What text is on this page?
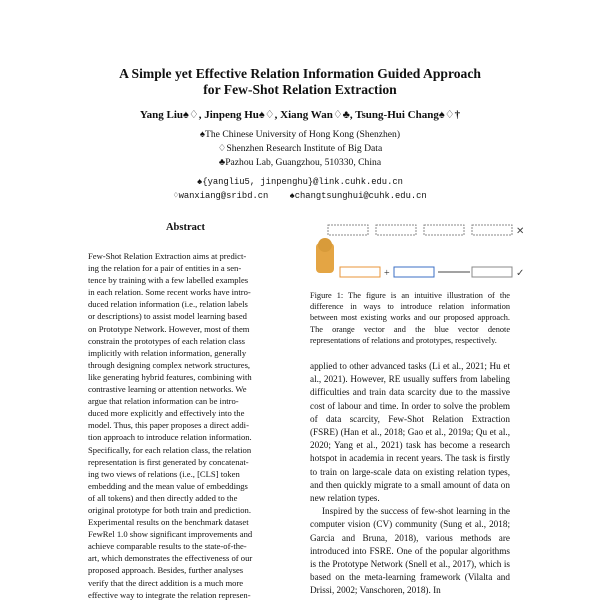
A Simple yet Effective Relation Information Guided Approach
for Few-Shot Relation Extraction
Yang Liu♠♢, Jinpeng Hu♠♢, Xiang Wan♢♣, Tsung-Hui Chang♠♢†
♠The Chinese University of Hong Kong (Shenzhen)
♢Shenzhen Research Institute of Big Data
♣Pazhou Lab, Guangzhou, 510330, China
♠{yangliu5, jinpenghu}@link.cuhk.edu.cn
♢wanxiang@sribd.cn ♠changtsunghui@cuhk.edu.cn
Abstract

Few-Shot Relation Extraction aims at predict-

ing the relation for a pair of entities in a sen-

tence by training with a few labelled examples

in each relation. Some recent works have intro-

duced relation information (i.e., relation labels

or descriptions) to assist model learning based

on Prototype Network. However, most of them

constrain the prototypes of each relation class

implicitly with relation information, generally

through designing complex network structures,

like generating hybrid features, combining with

contrastive learning or attention networks. We

argue that relation information can be intro-

duced more explicitly and effectively into the

model. Thus, this paper proposes a direct addi-

tion approach to introduce relation information.

Specifically, for each relation class, the relation

representation is first generated by concatenat-

ing two views of relations (i.e., [CLS] token

embedding and the mean value of embeddings

of all tokens) and then directly added to the

original prototype for both train and prediction.

Experimental results on the benchmark dataset

FewRel 1.0 show significant improvements and

achieve comparable results to the state-of-the-

art, which demonstrates the effectiveness of our

proposed approach. Besides, further analyses

verify that the direct addition is a much more

effective way to integrate the relation represen-

✕
+	✓
Figure 1: The figure is an intuitive illustration of the difference in ways to introduce relation information between most existing works and our proposed approach. The orange vector and the blue vector denote representations of relations and prototypes, respectively.

applied to other advanced tasks (Li et al., 2021; Hu et al., 2021). However, RE usually suffers from labeling difficulties and train data scarcity due to the massive cost of labour and time. In order to solve the problem of data scarcity, Few-Shot Relation Extraction (FSRE) (Han et al., 2018; Gao et al., 2019a; Qu et al., 2020; Yang et al., 2021) task has become a research hotspot in academia in recent years. The task is firstly to train on large-scale data on existing relation types, and then quickly migrate to a small amount of data on new relation types.

Inspired by the success of few-shot learning in the computer vision (CV) community (Sung et al., 2018; Garcia and Bruna, 2018), various methods are introduced into FSRE. One of the popular algorithms is the Prototype Network (Snell et al., 2017), which is based on the meta-learning framework (Vilalta and Drissi, 2002; Vanschoren, 2018). In
